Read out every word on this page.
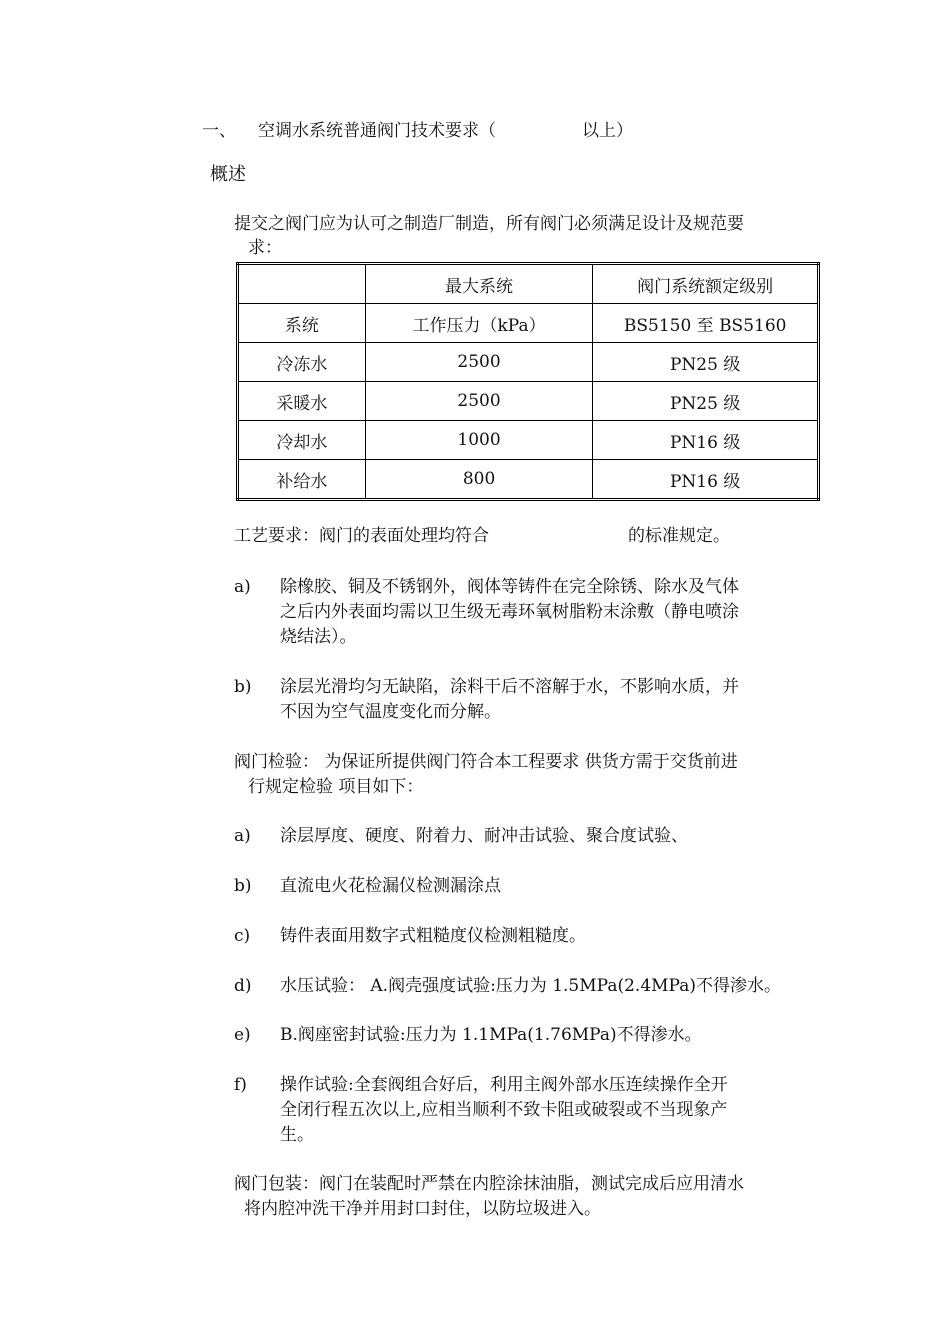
一、 空调水系统普通阀门技术要求（	以上）
概述
提交之阀门应为认可之制造厂制造，所有阀门必须满足设计及规范要
求：
	最大系统	阀门系统额定级别
系统	工作压力（kPa）	BS5150 至 BS5160
冷冻水	2500	PN25 级
采暖水	2500	PN25 级
冷却水	1000	PN16 级
补给水	800	PN16 级
工艺要求：阀门的表面处理均符合	的标准规定。
a)	除橡胶、铜及不锈钢外，阀体等铸件在完全除锈、除水及气体
之后内外表面均需以卫生级无毒环氧树脂粉末涂敷（静电喷涂
烧结法）。
b)	涂层光滑均匀无缺陷，涂料干后不溶解于水，不影响水质，并
不因为空气温度变化而分解。
阀门检验： 为保证所提供阀门符合本工程要求 供货方需于交货前进
行规定检验 项目如下：
a)	涂层厚度、硬度、附着力、耐冲击试验、聚合度试验、
b)	直流电火花检漏仪检测漏涂点
c)	铸件表面用数字式粗糙度仪检测粗糙度。
d)	水压试验： A.阀壳强度试验:压力为 1.5MPa(2.4MPa)不得渗水。
e)	B.阀座密封试验:压力为 1.1MPa(1.76MPa)不得渗水。
f)	操作试验:全套阀组合好后，利用主阀外部水压连续操作全开
全闭行程五次以上,应相当顺利不致卡阻或破裂或不当现象产
生。
阀门包装：阀门在装配时严禁在内腔涂抹油脂，测试完成后应用清水
将内腔冲洗干净并用封口封住，以防垃圾进入。
